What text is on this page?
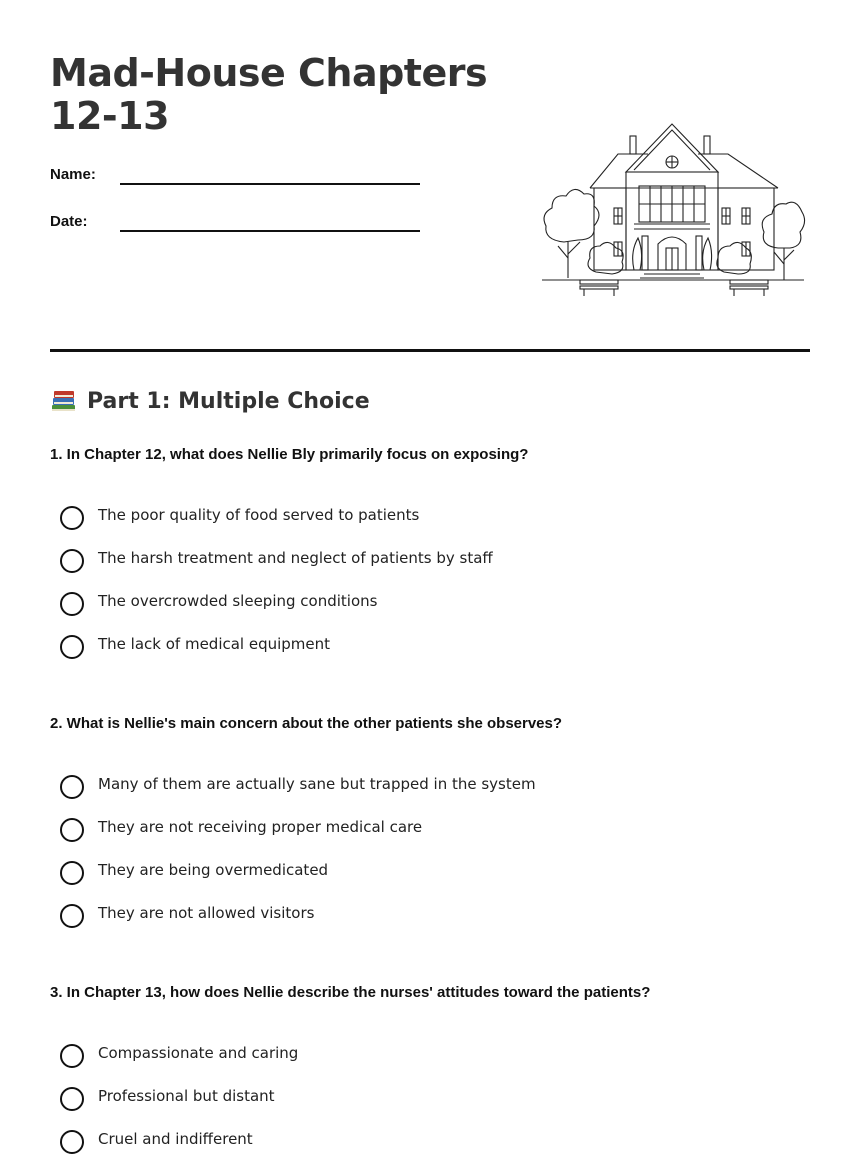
Mad-House Chapters 12-13
Name:
Date:
Part 1: Multiple Choice

1. In Chapter 12, what does Nellie Bly primarily focus on exposing?

The poor quality of food served to patients
The harsh treatment and neglect of patients by staff
The overcrowded sleeping conditions
The lack of medical equipment

2. What is Nellie's main concern about the other patients she observes?

Many of them are actually sane but trapped in the system
They are not receiving proper medical care
They are being overmedicated
They are not allowed visitors

3. In Chapter 13, how does Nellie describe the nurses' attitudes toward the patients?

Compassionate and caring
Professional but distant
Cruel and indifferent
